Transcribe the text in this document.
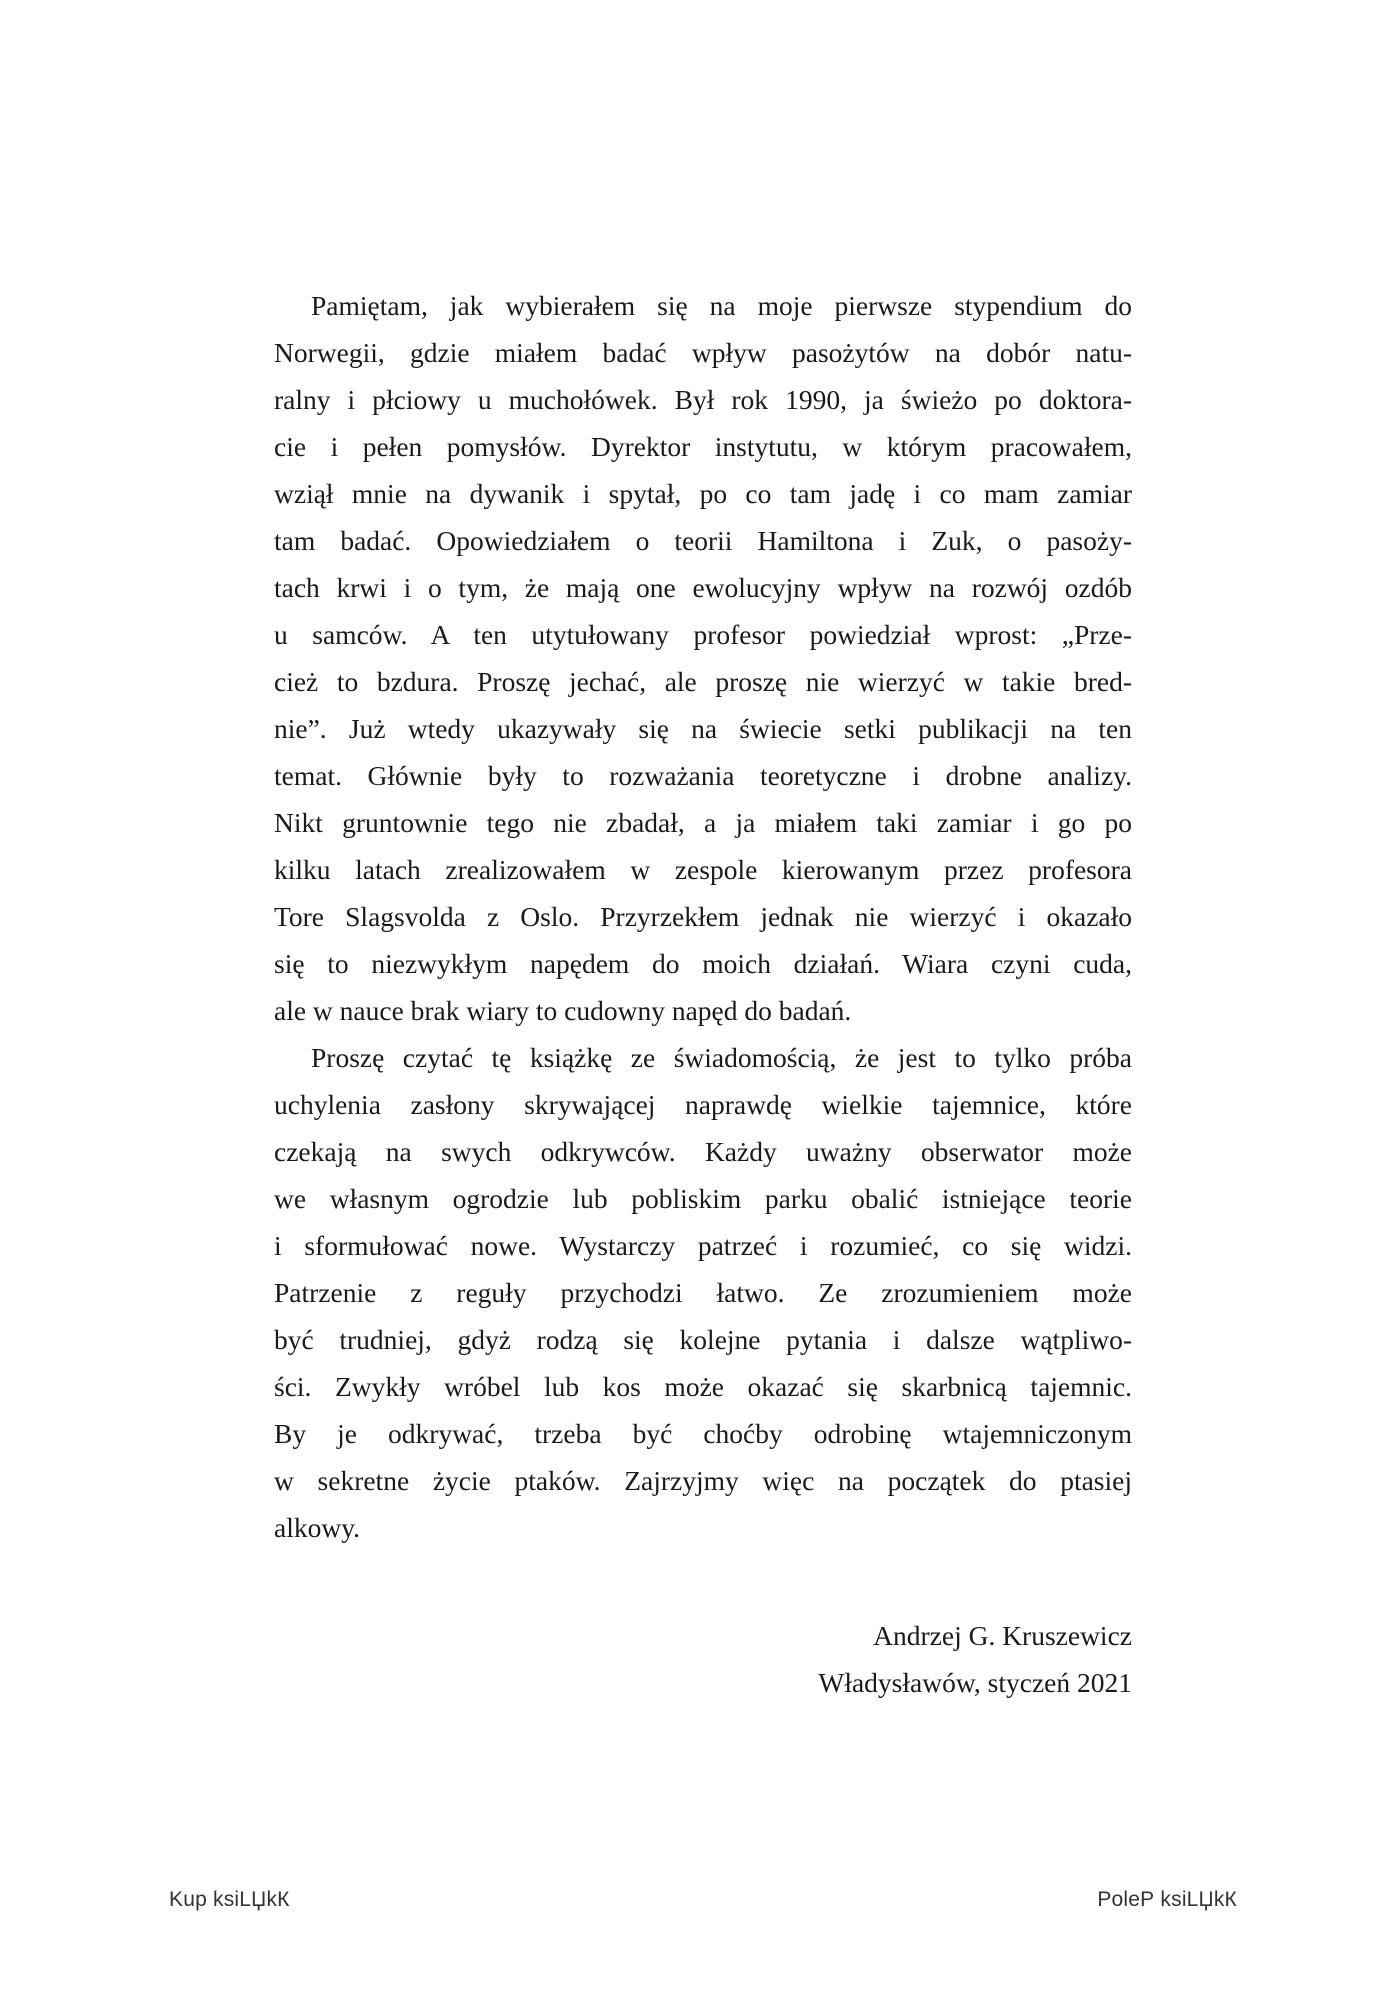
Pamiętam, jak wybierałem się na moje pierwsze stypendium do
Norwegii, gdzie miałem badać wpływ pasożytów na dobór natu-
ralny i płciowy u muchołówek. Był rok 1990, ja świeżo po doktora-
cie i pełen pomysłów. Dyrektor instytutu, w którym pracowałem,
wziął mnie na dywanik i spytał, po co tam jadę i co mam zamiar
tam badać. Opowiedziałem o teorii Hamiltona i Zuk, o pasoży-
tach krwi i o tym, że mają one ewolucyjny wpływ na rozwój ozdób
u samców. A ten utytułowany profesor powiedział wprost: „Prze-
cież to bzdura. Proszę jechać, ale proszę nie wierzyć w takie bred-
nie”. Już wtedy ukazywały się na świecie setki publikacji na ten
temat. Głównie były to rozważania teoretyczne i drobne analizy.
Nikt gruntownie tego nie zbadał, a ja miałem taki zamiar i go po
kilku latach zrealizowałem w zespole kierowanym przez profesora
Tore Slagsvolda z Oslo. Przyrzekłem jednak nie wierzyć i okazało
się to niezwykłym napędem do moich działań. Wiara czyni cuda,
ale w nauce brak wiary to cudowny napęd do badań.

Proszę czytać tę książkę ze świadomością, że jest to tylko próba
uchylenia zasłony skrywającej naprawdę wielkie tajemnice, które
czekają na swych odkrywców. Każdy uważny obserwator może
we własnym ogrodzie lub pobliskim parku obalić istniejące teorie
i sformułować nowe. Wystarczy patrzeć i rozumieć, co się widzi.
Patrzenie z reguły przychodzi łatwo. Ze zrozumieniem może
być trudniej, gdyż rodzą się kolejne pytania i dalsze wątpliwo-
ści. Zwykły wróbel lub kos może okazać się skarbnicą tajemnic.
By je odkrywać, trzeba być choćby odrobinę wtajemniczonym
w sekretne życie ptaków. Zajrzyjmy więc na początek do ptasiej
alkowy.

Andrzej G. Kruszewicz
Władysławów, styczeń 2021
Kup ksiLЏkК	PoleР ksiLЏkК
